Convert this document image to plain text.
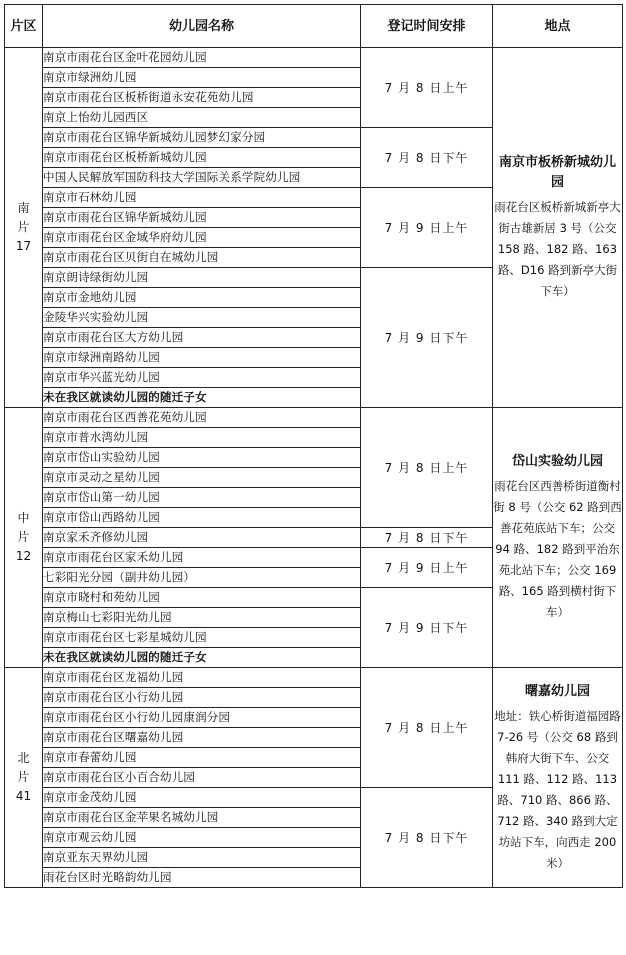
片区	幼儿园名称	登记时间安排	地点

南
片
17	南京市雨花台区金叶花园幼儿园	7 月 8 日上午	南京市板桥新城幼儿园
雨花台区板桥新城新亭大街古雄新居 3 号（公交 158 路、182 路、163 路、D16 路到新亭大街下车）

	南京市绿洲幼儿园		
	南京市雨花台区板桥街道永安花苑幼儿园		
	南京上怡幼儿园西区		
	南京市雨花台区锦华新城幼儿园梦幻家分园	7 月 8 日下午	
	南京市雨花台区板桥新城幼儿园		
	中国人民解放军国防科技大学国际关系学院幼儿园		
	南京市石林幼儿园	7 月 9 日上午	
	南京市雨花台区锦华新城幼儿园		
	南京市雨花台区金域华府幼儿园		
	南京市雨花台区贝街自在城幼儿园		
	南京朗诗绿街幼儿园	7 月 9 日下午	
	南京市金地幼儿园		
	金陵华兴实验幼儿园		
	南京市雨花台区大方幼儿园		
	南京市绿洲南路幼儿园		
	南京市华兴蓝光幼儿园		
	未在我区就读幼儿园的随迁子女		

中
片
12	南京市雨花台区西善花苑幼儿园	7 月 8 日上午	岱山实验幼儿园
雨花台区西善桥街道衡村街 8 号（公交 62 路到西善花苑底站下车；公交 94 路、182 路到平治东苑北站下车；公交 169 路、165 路到横村街下车）

	南京市普水湾幼儿园		
	南京市岱山实验幼儿园		
	南京市灵动之星幼儿园		
	南京市岱山第一幼儿园		
	南京市岱山西路幼儿园		
	南京家禾齐修幼儿园	7 月 8 日下午	
	南京市雨花台区家禾幼儿园	7 月 9 日上午	
	七彩阳光分园（副井幼儿园）		
	南京市晓村和苑幼儿园	7 月 9 日下午	
	南京梅山七彩阳光幼儿园		
	南京市雨花台区七彩星城幼儿园		
	未在我区就读幼儿园的随迁子女		

北
片
41	南京市雨花台区龙福幼儿园	7 月 8 日上午	曙嘉幼儿园
地址：铁心桥街道福园路 7-26 号（公交 68 路到韩府大街下车、公交 111 路、112 路、113 路、710 路、866 路、712 路、340 路到大定坊站下车，向西走 200 米）

	南京市雨花台区小行幼儿园		
	南京市雨花台区小行幼儿园康润分园		
	南京市雨花台区曙嘉幼儿园		
	南京市春蕾幼儿园		
	南京市雨花台区小百合幼儿园		
	南京市金茂幼儿园	7 月 8 日下午	
	南京市雨花台区金苹果名城幼儿园		
	南京市观云幼儿园		
	南京亚东天界幼儿园		
	雨花台区时光略韵幼儿园		
